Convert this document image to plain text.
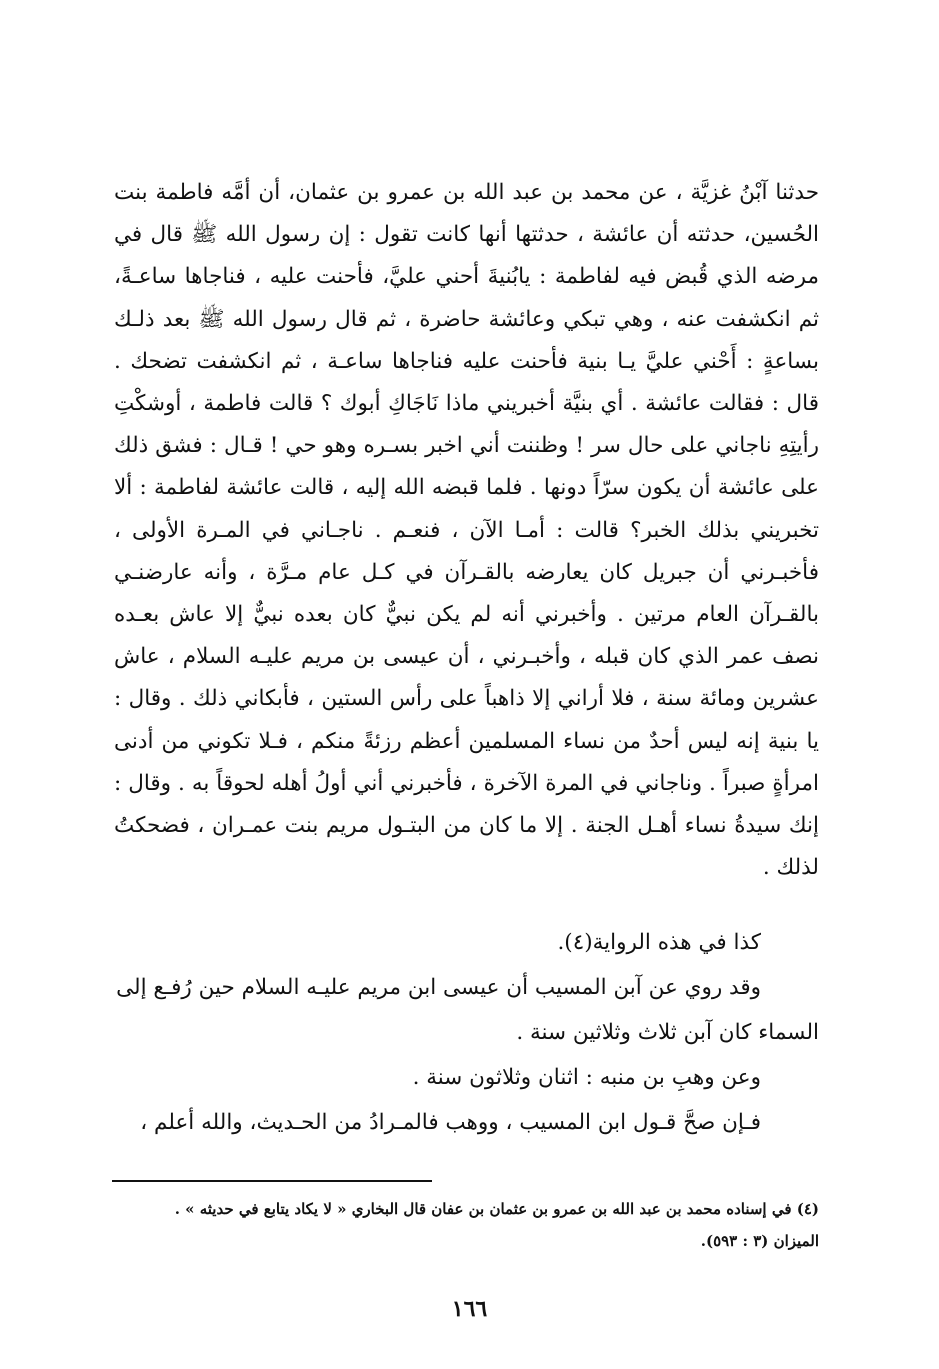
حدثنا آبْنُ غزيَّة ، عن محمد بن عبد الله بن عمرو بن عثمان، أن أمَّه فاطمة بنت الحُسين، حدثته أن عائشة ، حدثتها أنها كانت تقول : إن رسول الله ﷺ قال في مرضه الذي قُبض فيه لفاطمة : يابُنيةَ أحني عليَّ، فأحنت عليه ، فناجاها ساعـةً، ثم انكشفت عنه ، وهي تبكي وعائشة حاضرة ، ثم قال رسول الله ﷺ بعد ذلـك بساعةٍ : أَحْني عليَّ يـا بنية فأحنت عليه فناجاها ساعـة ، ثم انكشفت تضحك . قال : فقالت عائشة . أي بنيَّة أخبريني ماذا نَاجَاكِ أبوك ؟ قالت فاطمة ، أوشكْتِ رأيتِهِ ناجاني على حال سر ! وظننت أني اخبر بسـره وهو حي ! قـال : فشق ذلك على عائشة أن يكون سرّاً دونها . فلما قبضه الله إليه ، قالت عائشة لفاطمة : ألا تخبريني بذلك الخبر؟ قالت : أمـا الآن ، فنعـم . ناجـاني في المـرة الأولى ، فأخبـرني أن جبريل كان يعارضه بالقـرآن في كـل عام مـرَّة ، وأنه عارضنـي بالقـرآن العام مرتين . وأخبرني أنه لم يكن نبيٌّ كان بعده نبيٌّ إلا عاش بعـده نصف عمر الذي كان قبله ، وأخبـرني ، أن عيسى بن مريم عليـه السلام ، عاش عشرين ومائة سنة ، فلا أراني إلا ذاهباً على رأس الستين ، فأبكاني ذلك . وقال : يا بنية إنه ليس أحدٌ من نساء المسلمين أعظم رزئةً منكم ، فـلا تكوني من أدنى امرأةٍ صبراً . وناجاني في المرة الآخرة ، فأخبرني أني أولُ أهله لحوقاً به . وقال : إنك سيدةُ نساء أهـل الجنة . إلا ما كان من البتـول مريم بنت عمـران ، فضحكتُ لذلك .

كذا في هذه الرواية(٤).

وقد روي عن آبن المسيب أن عيسى ابن مريم عليـه السلام حين رُفـع إلى

السماء كان آبن ثلاث وثلاثين سنة .

وعن وهبِ بن منبه : اثنان وثلاثون سنة .

فـإن صحَّ قـول ابن المسيب ، ووهب فالمـرادُ من الحـديث، والله أعلم ،

(٤) في إسناده محمد بن عبد الله بن عمرو بن عثمان بن عفان قال البخاري « لا يكاد يتابع في حديثه » .

الميزان (٣ : ٥٩٣).

١٦٦
